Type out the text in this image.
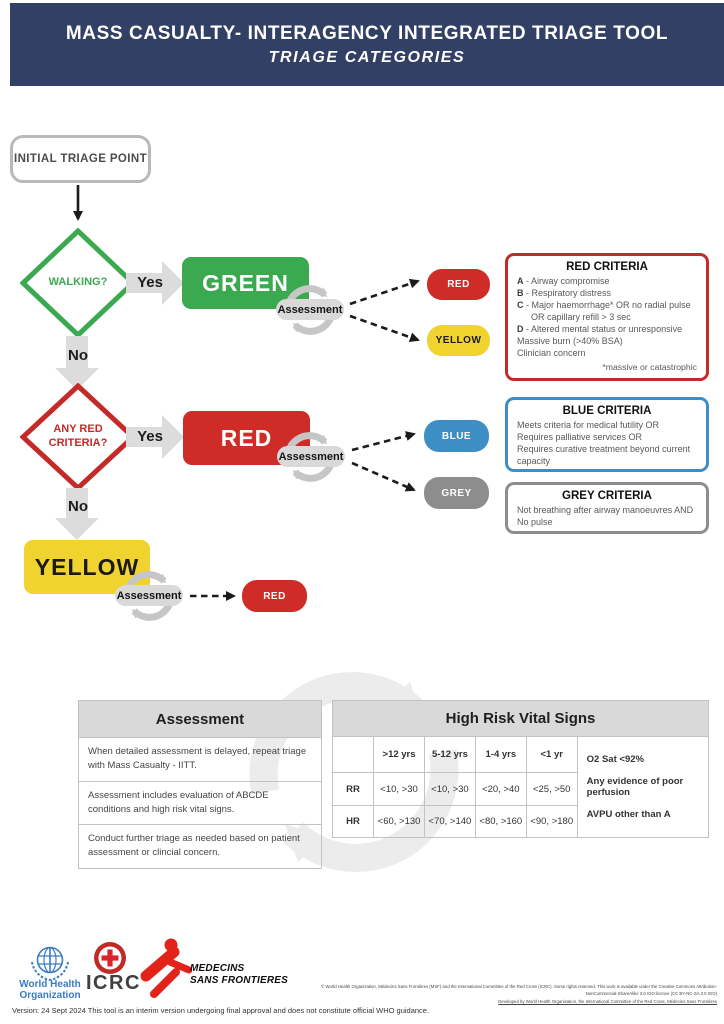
MASS CASUALTY- INTERAGENCY INTEGRATED TRIAGE TOOL
TRIAGE CATEGORIES
INITIAL TRIAGE POINT
WALKING?	Yes	GREEN
Assessment
RED
YELLOW
RED CRITERIA
A - Airway compromise
B - Respiratory distress
C - Major haemorrhage* OR no radial pulse
OR capillary refill > 3 sec
D - Altered mental status or unresponsive
Massive burn (>40% BSA)
Clinician concern
*massive or catastrophic
No
ANY RED
CRITERIA?	Yes	RED
Assessment
BLUE
GREY
BLUE CRITERIA
Meets criteria for medical futility OR
Requires palliative services OR
Requires curative treatment beyond current capacity
GREY CRITERIA
Not breathing after airway manoeuvres AND
No pulse
No
YELLOW
Assessment	RED
Assessment
When detailed assessment is delayed, repeat triage with Mass Casualty - IITT.
Assessment includes evaluation of ABCDE conditions and high risk vital signs.
Conduct further triage as needed based on patient assessment or clincial concern.
High Risk Vital Signs
	>12 yrs	5-12 yrs	1-4 yrs	<1 yr	O2 Sat <92%
Any evidence of poor perfusion
AVPU other than A

RR	<10, >30	<10, >30	<20, >40	<25, >50	
HR	<60, >130	<70, >140	<80, >160	<90, >180	
World Health
Organization
ICRC
MEDECINS
SANS FRONTIERES
© World Health Organization, Médecins Sans Frontières (MSF) and the International Committee of the Red Cross (ICRC). Some rights reserved. This work is available under the Creative Commons Attribution-NonCommercial-ShareAlike 3.0 IGO licence (CC BY-NC-SA 3.0 IGO)
Developed by World Health Organisation, the International Committee of the Red Cross, Médecins Sans Frontières
Version: 24 Sept 2024 This tool is an interim version undergoing final approval and does not constitute official WHO guidance.
